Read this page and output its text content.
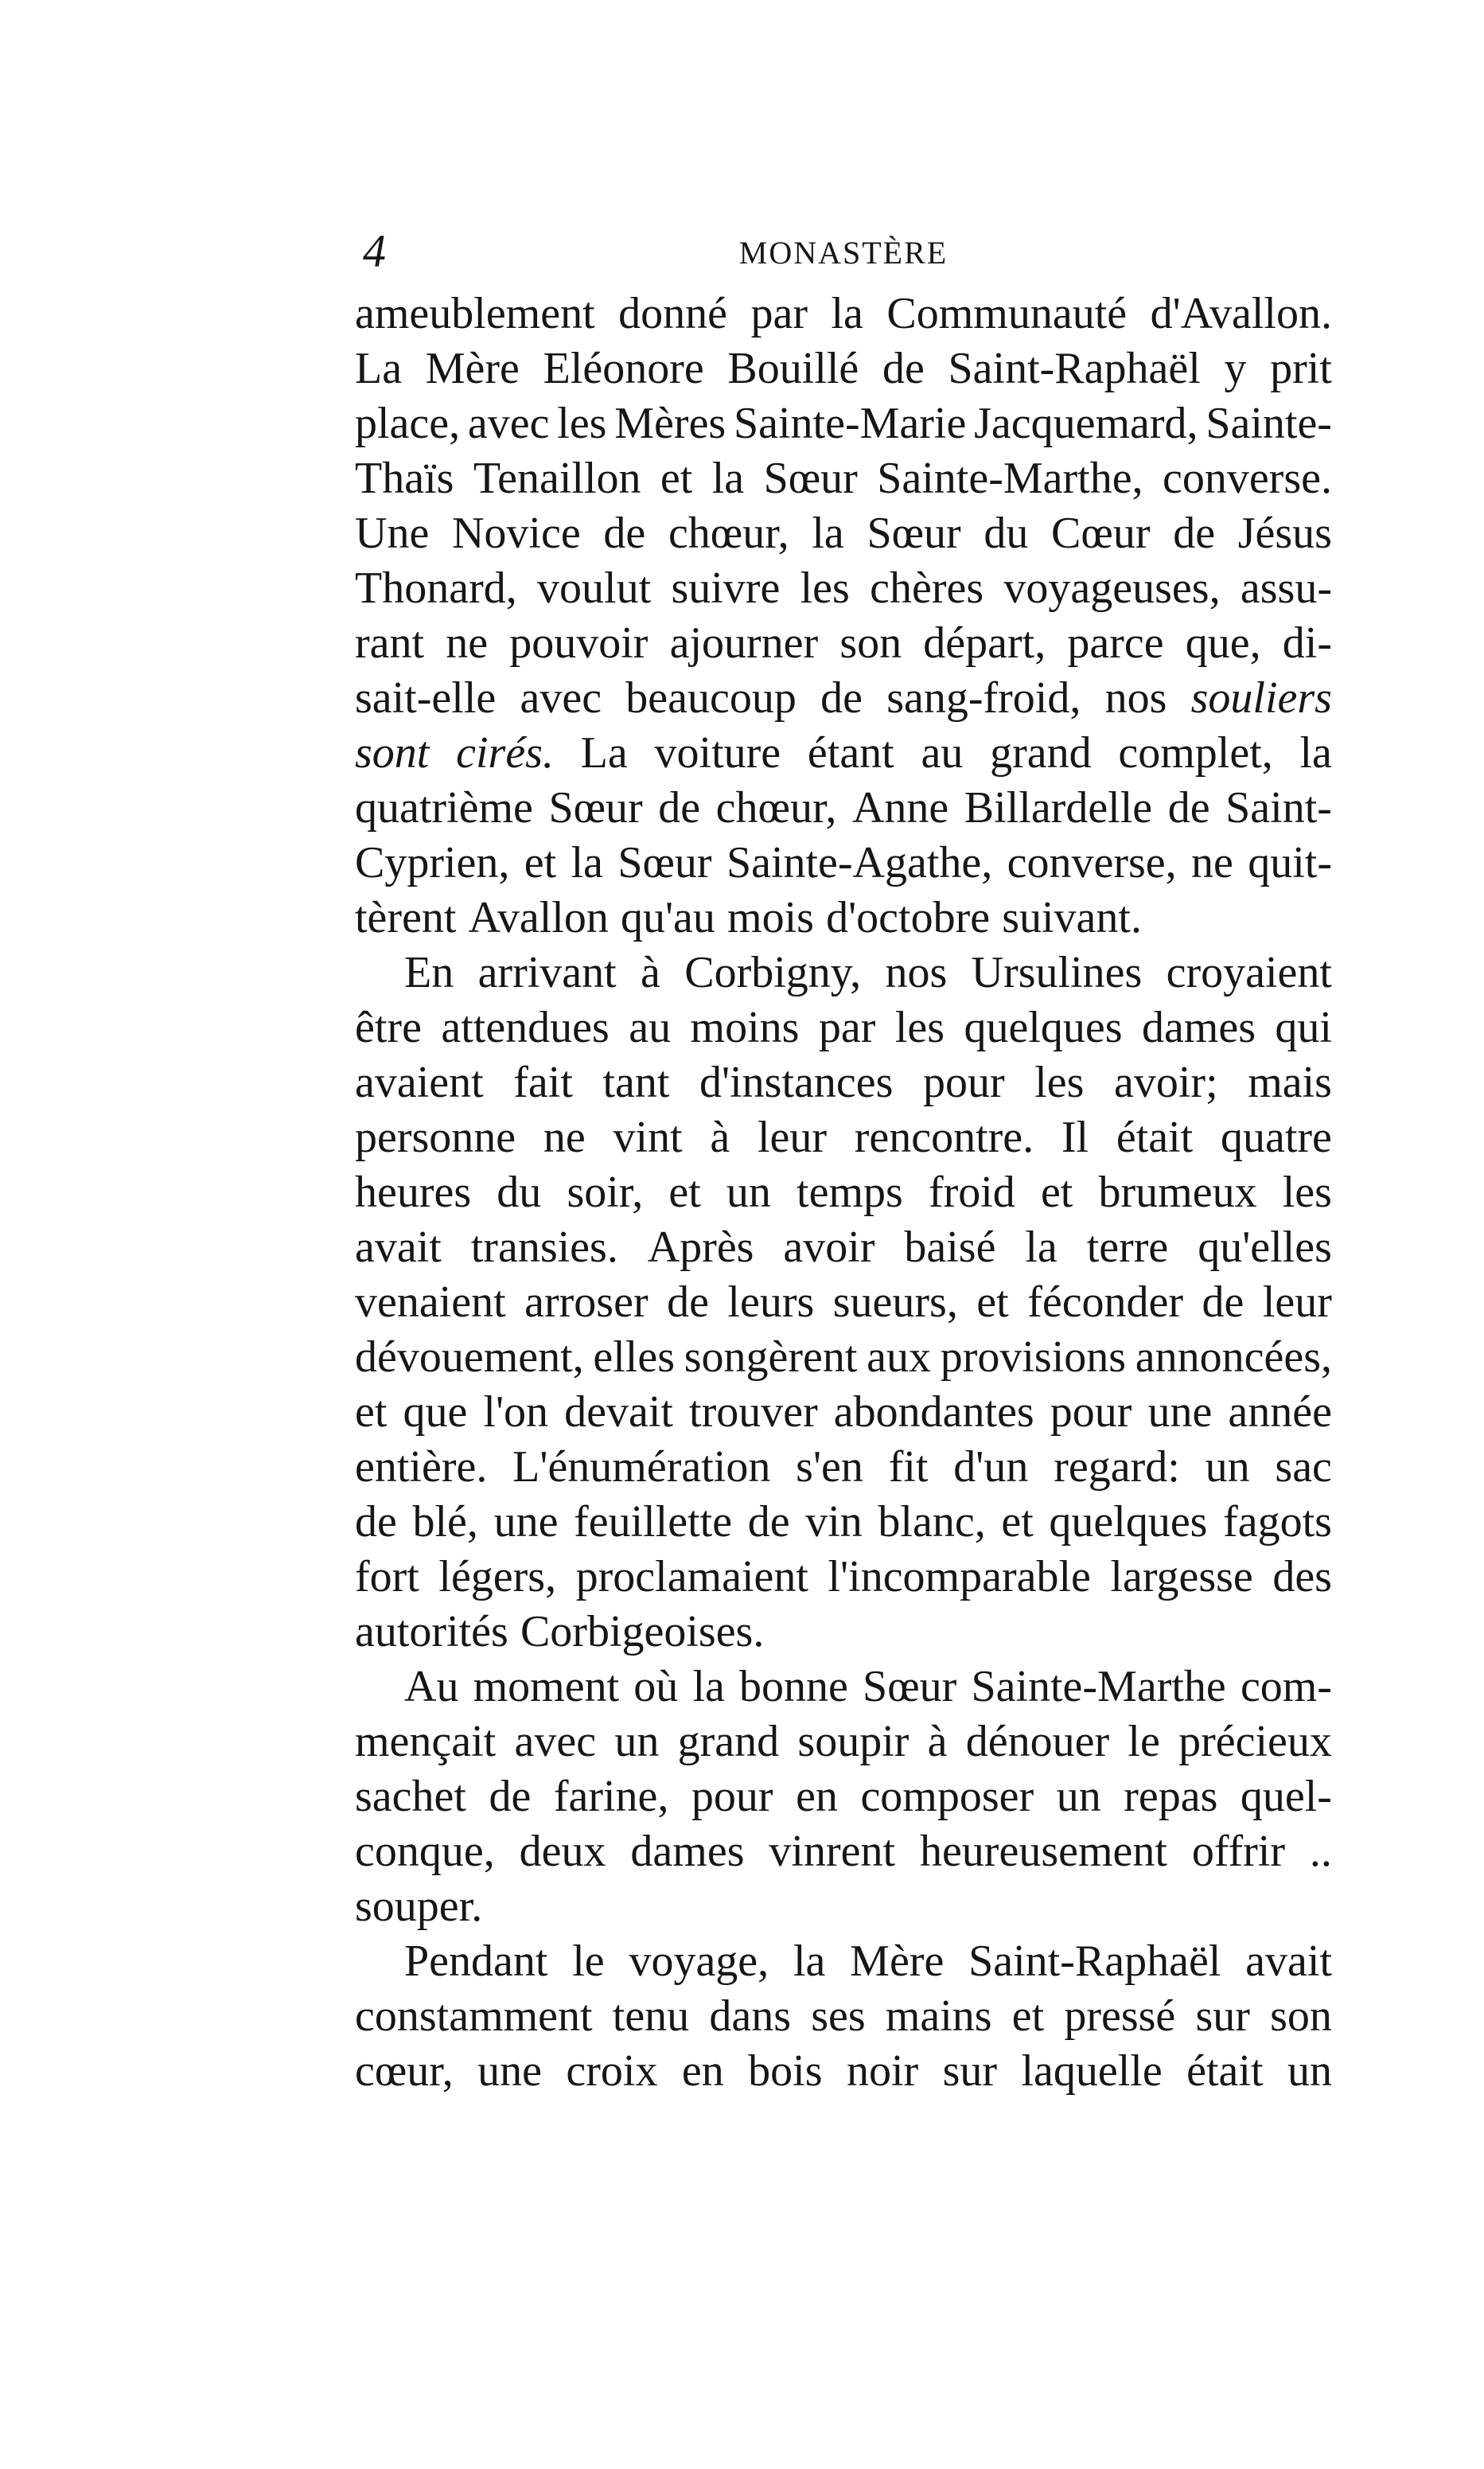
4	MONASTÈRE
ameublement donné par la Communauté d'Avallon.
La Mère Eléonore Bouillé de Saint-Raphaël y prit
place, avec les Mères Sainte-Marie Jacquemard, Sainte-
Thaïs Tenaillon et la Sœur Sainte-Marthe, converse.
Une Novice de chœur, la Sœur du Cœur de Jésus
Thonard, voulut suivre les chères voyageuses, assu-
rant ne pouvoir ajourner son départ, parce que, di-
sait-elle avec beaucoup de sang-froid, nos souliers
sont cirés. La voiture étant au grand complet, la
quatrième Sœur de chœur, Anne Billardelle de Saint-
Cyprien, et la Sœur Sainte-Agathe, converse, ne quit-
tèrent Avallon qu'au mois d'octobre suivant.
En arrivant à Corbigny, nos Ursulines croyaient
être attendues au moins par les quelques dames qui
avaient fait tant d'instances pour les avoir; mais
personne ne vint à leur rencontre. Il était quatre
heures du soir, et un temps froid et brumeux les
avait transies. Après avoir baisé la terre qu'elles
venaient arroser de leurs sueurs, et féconder de leur
dévouement, elles songèrent aux provisions annoncées,
et que l'on devait trouver abondantes pour une année
entière. L'énumération s'en fit d'un regard: un sac
de blé, une feuillette de vin blanc, et quelques fagots
fort légers, proclamaient l'incomparable largesse des
autorités Corbigeoises.
Au moment où la bonne Sœur Sainte-Marthe com-
mençait avec un grand soupir à dénouer le précieux
sachet de farine, pour en composer un repas quel-
conque, deux dames vinrent heureusement offrir ..
souper.
Pendant le voyage, la Mère Saint-Raphaël avait
constamment tenu dans ses mains et pressé sur son
cœur, une croix en bois noir sur laquelle était un
